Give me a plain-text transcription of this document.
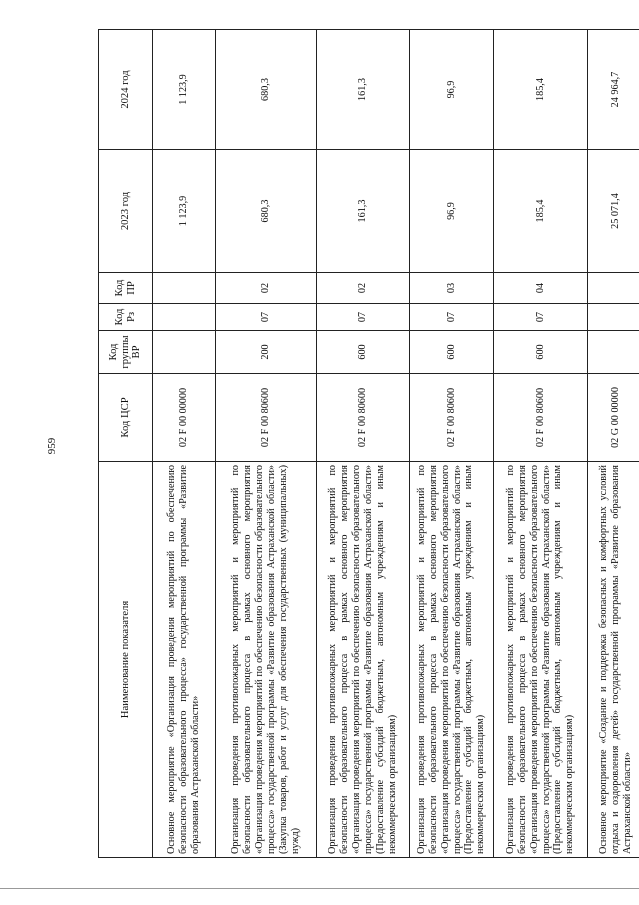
959
Наименование показателя	Код ЦСР	Код группы ВР	Код Рз	Код ПР	2023 год	2024 год
Основное мероприятие «Организация проведения мероприятий по обеспечению безопасности образовательного процесса» государственной программы «Развитие образования Астраханской области»	02 F 00 00000				1 123,9	1 123,9
Организация проведения противопожарных мероприятий и мероприятий по безопасности образовательного процесса в рамках основного мероприятия «Организация проведения мероприятий по обеспечению безопасности образовательного процесса» государственной программы «Развитие образования Астраханской области» (Закупка товаров, работ и услуг для обеспечения государственных (муниципальных) нужд)	02 F 00 80600	200	07	02	680,3	680,3
Организация проведения противопожарных мероприятий и мероприятий по безопасности образовательного процесса в рамках основного мероприятия «Организация проведения мероприятий по обеспечению безопасности образовательного процесса» государственной программы «Развитие образования Астраханской области» (Предоставление субсидий бюджетным, автономным учреждениям и иным некоммерческим организациям)	02 F 00 80600	600	07	02	161,3	161,3
Организация проведения противопожарных мероприятий и мероприятий по безопасности образовательного процесса в рамках основного мероприятия «Организация проведения мероприятий по обеспечению безопасности образовательного процесса» государственной программы «Развитие образования Астраханской области» (Предоставление субсидий бюджетным, автономным учреждениям и иным некоммерческим организациям)	02 F 00 80600	600	07	03	96,9	96,9
Организация проведения противопожарных мероприятий и мероприятий по безопасности образовательного процесса в рамках основного мероприятия «Организация проведения мероприятий по обеспечению безопасности образовательного процесса» государственной программы «Развитие образования Астраханской области» (Предоставление субсидий бюджетным, автономным учреждениям и иным некоммерческим организациям)	02 F 00 80600	600	07	04	185,4	185,4
Основное мероприятие «Создание и поддержка безопасных и комфортных условий отдыха и оздоровления детей» государственной программы «Развитие образования Астраханской области»	02 G 00 00000				25 071,4	24 964,7
